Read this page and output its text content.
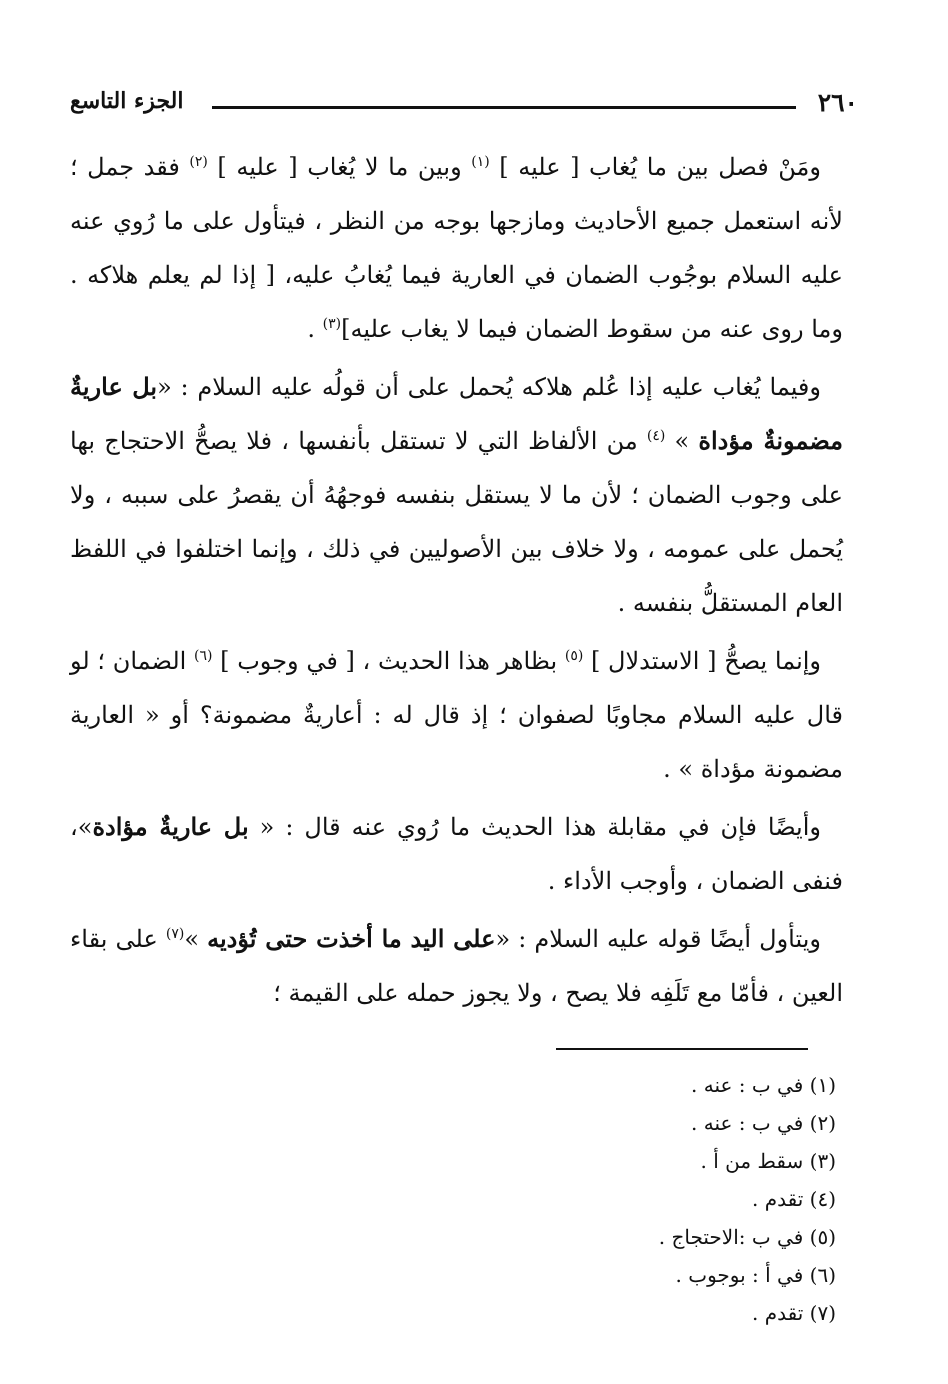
٢٦٠
الجزء التاسع

ومَنْ فصل بين ما يُغاب [ عليه ] $^{(١)}$ وبين ما لا يُغاب [ عليه ] $^{(٢)}$ فقد جمل ؛ لأنه استعمل جميع الأحاديث ومازجها بوجه من النظر ، فيتأول على ما رُوي عنه عليه السلام بوجُوب الضمان في العارية فيما يُغابُ عليه، [ إذا لم يعلم هلاكه . وما روى عنه من سقوط الضمان فيما لا يغاب عليه]$^{(٣)}$ .

وفيما يُغاب عليه إذا عُلم هلاكه يُحمل على أن قولُه عليه السلام : «بل عاريةٌ مضمونةٌ مؤداة » $^{(٤)}$ من الألفاظ التي لا تستقل بأنفسها ، فلا يصحُّ الاحتجاج بها على وجوب الضمان ؛ لأن ما لا يستقل بنفسه فوجهُهُ أن يقصرُ على سببه ، ولا يُحمل على عمومه ، ولا خلاف بين الأصوليين في ذلك ، وإنما اختلفوا في اللفظ العام المستقلُّ بنفسه .

وإنما يصحُّ [ الاستدلال ] $^{(٥)}$ بظاهر هذا الحديث ، [ في وجوب ] $^{(٦)}$ الضمان ؛ لو قال عليه السلام مجاوبًا لصفوان ؛ إذ قال له : أعاريةٌ مضمونة؟ أو « العارية مضمونة مؤداة » .

وأيضًا فإن في مقابلة هذا الحديث ما رُوي عنه قال : « بل عاريةٌ مؤادة»، فنفى الضمان ، وأوجب الأداء .

ويتأول أيضًا قوله عليه السلام : «على اليد ما أخذت حتى تُؤديه »$^{(٧)}$ على بقاء العين ، فأمّا مع تَلَفِه فلا يصح ، ولا يجوز حمله على القيمة ؛

(١) في ب : عنه .

(٢) في ب : عنه .

(٣) سقط من أ .

(٤) تقدم .

(٥) في ب :الاحتجاج .

(٦) في أ : بوجوب .

(٧) تقدم .
